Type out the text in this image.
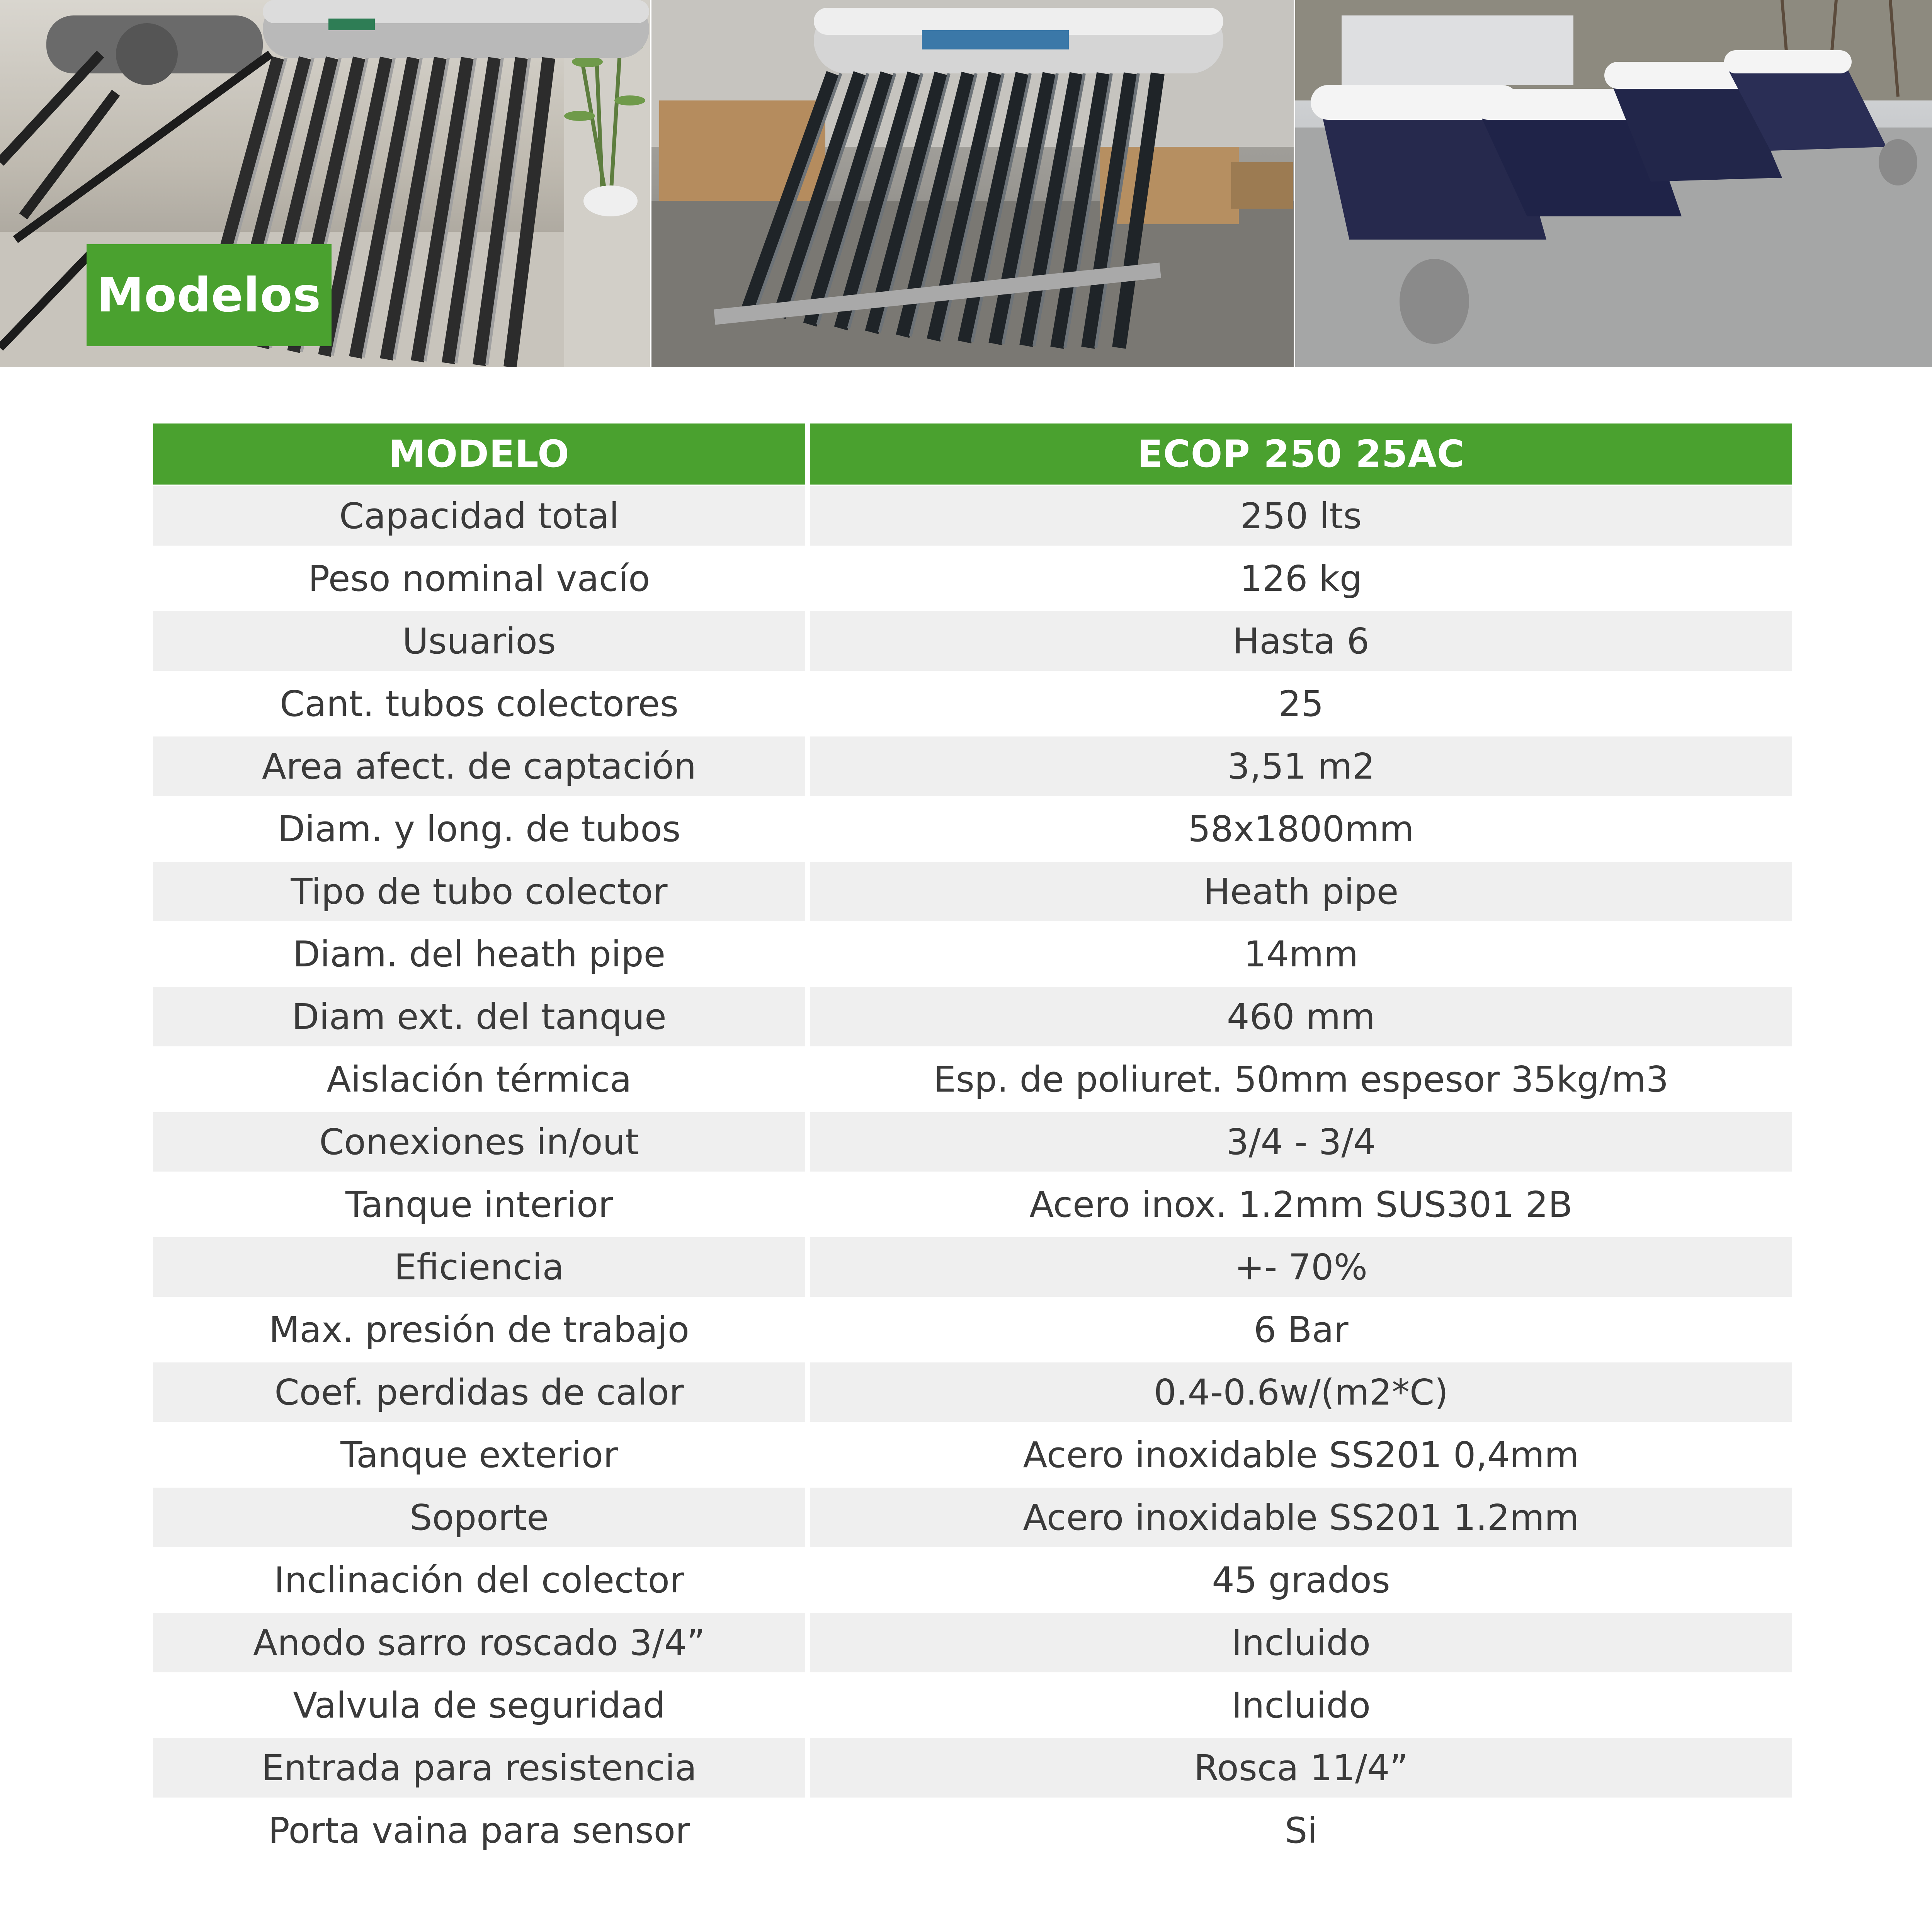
Modelos
MODELO	ECOP 250 25AC
Capacidad total	250 lts
Peso nominal vacío	126 kg
Usuarios	Hasta 6
Cant. tubos colectores	25
Area afect. de captación	3,51 m2
Diam. y long. de tubos	58x1800mm
Tipo de tubo colector	Heath pipe
Diam. del heath pipe	14mm
Diam ext. del tanque	460 mm
Aislación térmica	Esp. de poliuret. 50mm espesor 35kg/m3
Conexiones in/out	3/4 - 3/4
Tanque interior	Acero inox. 1.2mm SUS301 2B
Eficiencia	+- 70%
Max. presión de trabajo	6 Bar
Coef. perdidas de calor	0.4-0.6w/(m2*C)
Tanque exterior	Acero inoxidable SS201 0,4mm
Soporte	Acero inoxidable SS201 1.2mm
Inclinación del colector	45 grados
Anodo sarro roscado 3/4”	Incluido
Valvula de seguridad	Incluido
Entrada para resistencia	Rosca 11/4”
Porta vaina para sensor	Si
